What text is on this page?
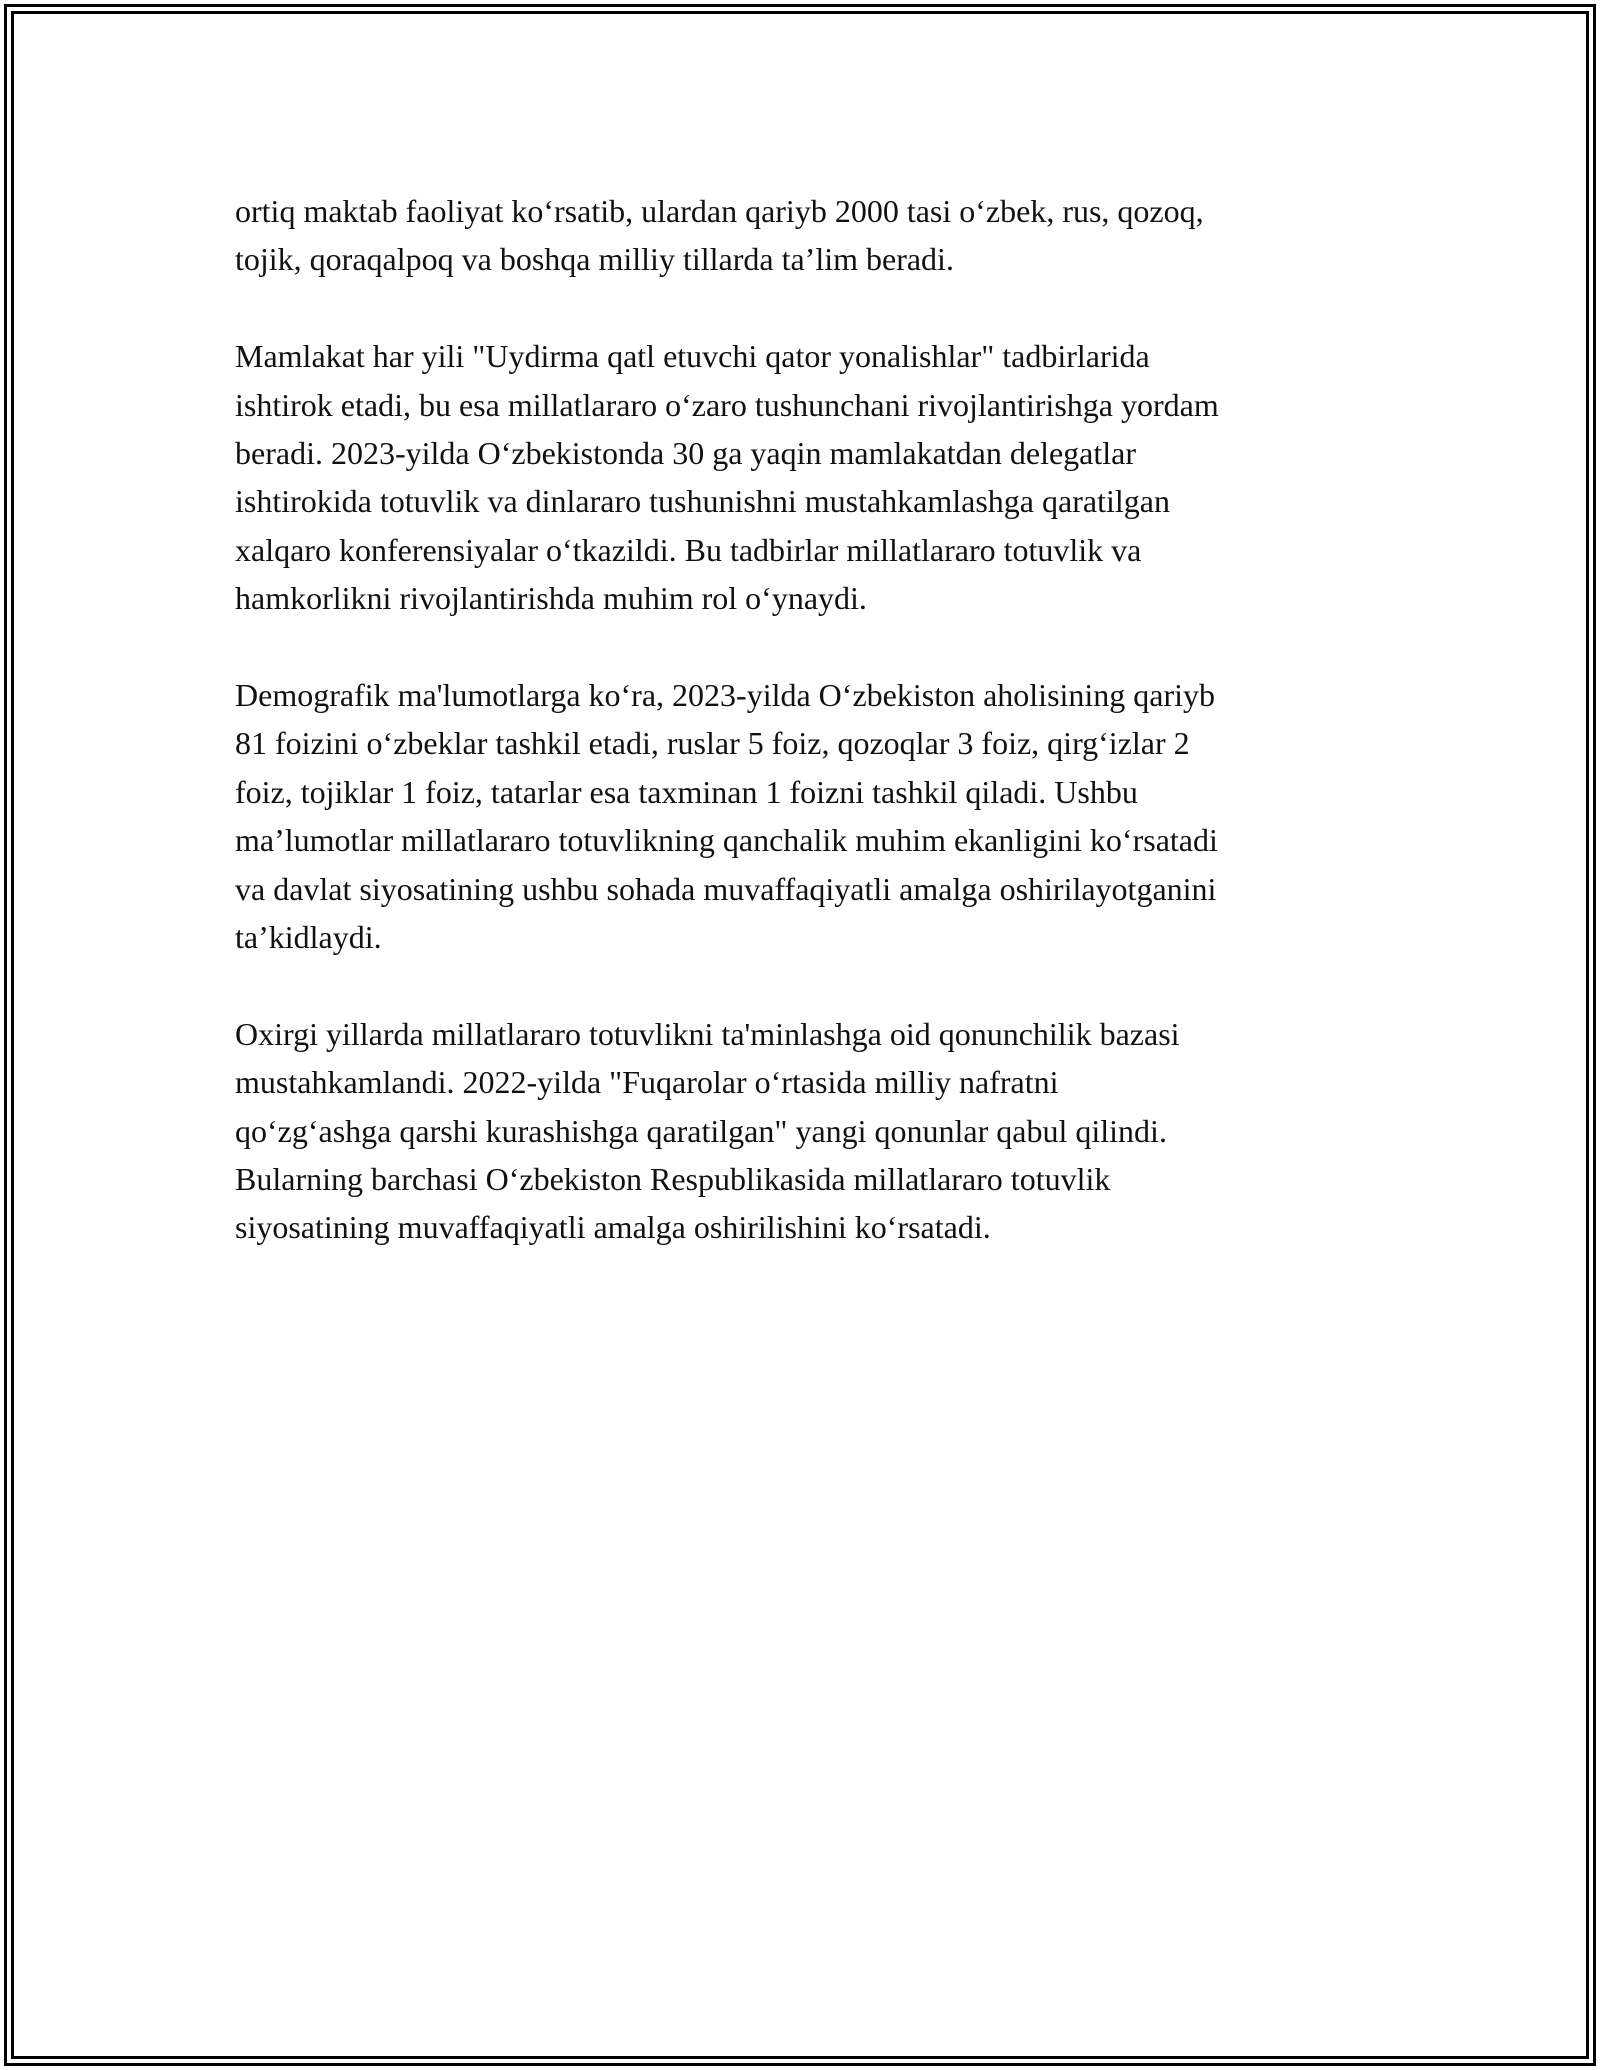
ortiq maktab faoliyat koʻrsatib, ulardan qariyb 2000 tasi oʻzbek, rus, qozoq,
tojik, qoraqalpoq va boshqa milliy tillarda ta’lim beradi.

Mamlakat har yili "Uydirma qatl etuvchi qator yonalishlar" tadbirlarida
ishtirok etadi, bu esa millatlararo oʻzaro tushunchani rivojlantirishga yordam
beradi. 2023-yilda Oʻzbekistonda 30 ga yaqin mamlakatdan delegatlar
ishtirokida totuvlik va dinlararo tushunishni mustahkamlashga qaratilgan
xalqaro konferensiyalar oʻtkazildi. Bu tadbirlar millatlararo totuvlik va
hamkorlikni rivojlantirishda muhim rol oʻynaydi.

Demografik ma'lumotlarga koʻra, 2023-yilda Oʻzbekiston aholisining qariyb
81 foizini oʻzbeklar tashkil etadi, ruslar 5 foiz, qozoqlar 3 foiz, qirgʻizlar 2
foiz, tojiklar 1 foiz, tatarlar esa taxminan 1 foizni tashkil qiladi. Ushbu
ma’lumotlar millatlararo totuvlikning qanchalik muhim ekanligini koʻrsatadi
va davlat siyosatining ushbu sohada muvaffaqiyatli amalga oshirilayotganini
ta’kidlaydi.

Oxirgi yillarda millatlararo totuvlikni ta'minlashga oid qonunchilik bazasi
mustahkamlandi. 2022-yilda "Fuqarolar oʻrtasida milliy nafratni
qoʻzgʻashga qarshi kurashishga qaratilgan" yangi qonunlar qabul qilindi.
Bularning barchasi Oʻzbekiston Respublikasida millatlararo totuvlik
siyosatining muvaffaqiyatli amalga oshirilishini koʻrsatadi.
